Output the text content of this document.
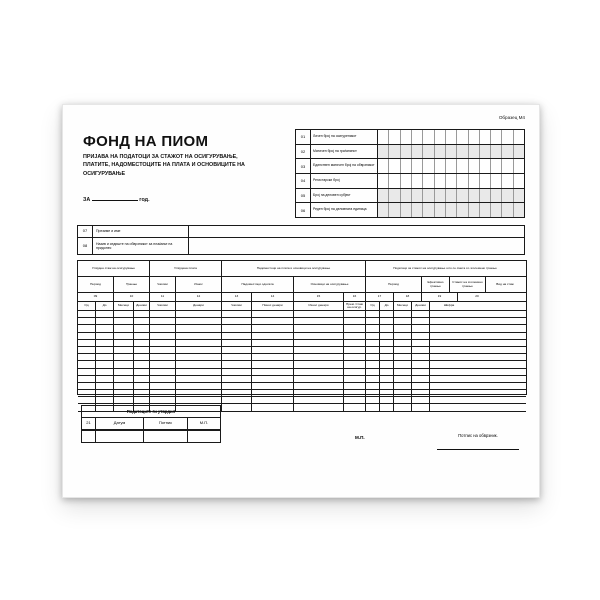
Образец М4
ФОНД НА ПИОМ
ПРИЈАВА НА ПОДАТОЦИ ЗА СТАЖОТ НА ОСИГУРУВАЊЕ, ПЛАТИТЕ, НАДОМЕСТОЦИТЕ НА ПЛАТА И ОСНОВИЦИТЕ НА ОСИГУРУВАЊЕ
ЗА	год.
01	Личен број на осигуреникот
02	Матичен број на граѓанинот
03	Единствен матичен број на обврзникот
04	Регистарски број
05	Број на деловен субјект
06	Реден број на деловната единица
07	Презиме и име
08	Назив и седиште на обврзникот за плаќање на придонес
Утврден стаж на осигурување	Утврдена плата	Надоместоци на плата и основици на осигурување	Податоци за стажот на осигурување што се смета со зголемено траење
Период	Траење	Часови	Износ	Надоместоци одшгата	Основици на осигурување	Период	Ефективно траење
Стажот на зголемено траење	Вид на стаж
09	10	11	12	13	14	15	16	17	18	19	20
Од	До	Месеци	Денови	Часови	Денари	Часови	Пинос денари	Износ денари	Прем. Стаж на осигур.	Од	До	Месеци	Денови	Шифра
Податоците ги утврдил
21	Датум	Потпис	М.П.
М.П.	Потпис на обврзник.
